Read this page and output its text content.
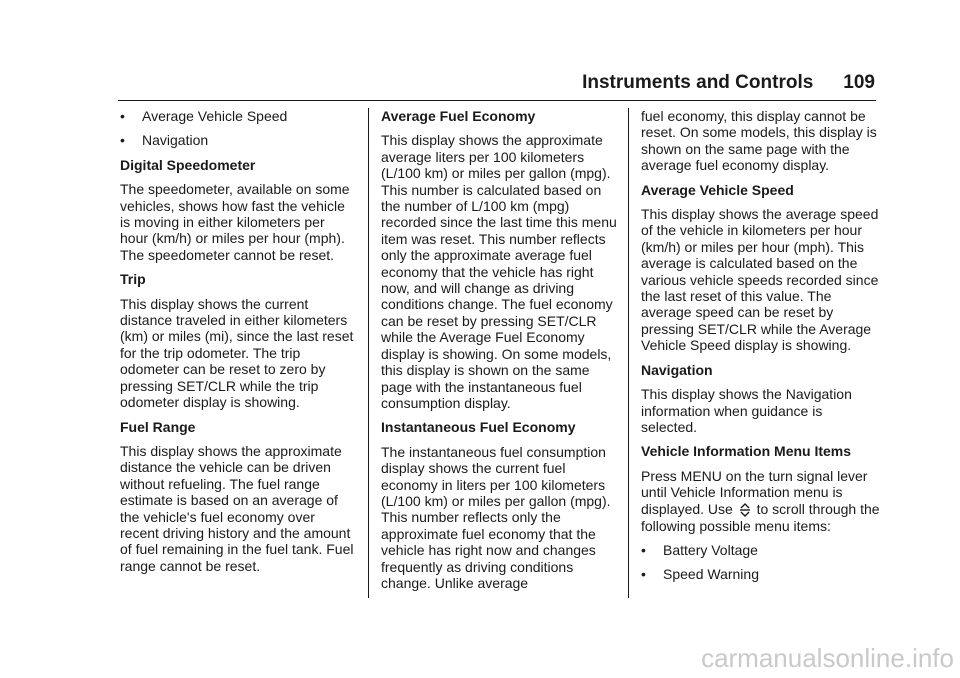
Instruments and Controls 109
•	Average Vehicle Speed
•	Navigation
Digital Speedometer

The speedometer, available on some vehicles, shows how fast the vehicle is moving in either kilometers per hour (km/h) or miles per hour (mph). The speedometer cannot be reset.

Trip

This display shows the current distance traveled in either kilometers (km) or miles (mi), since the last reset for the trip odometer. The trip odometer can be reset to zero by pressing SET/CLR while the trip odometer display is showing.

Fuel Range

This display shows the approximate distance the vehicle can be driven without refueling. The fuel range estimate is based on an average of the vehicle's fuel economy over recent driving history and the amount of fuel remaining in the fuel tank. Fuel range cannot be reset.

Average Fuel Economy

This display shows the approximate average liters per 100 kilometers (L/100 km) or miles per gallon (mpg). This number is calculated based on the number of L/100 km (mpg) recorded since the last time this menu item was reset. This number reflects only the approximate average fuel economy that the vehicle has right now, and will change as driving conditions change. The fuel economy can be reset by pressing SET/CLR while the Average Fuel Economy display is showing. On some models, this display is shown on the same page with the instantaneous fuel consumption display.

Instantaneous Fuel Economy

The instantaneous fuel consumption display shows the current fuel economy in liters per 100 kilometers (L/100 km) or miles per gallon (mpg). This number reflects only the approximate fuel economy that the vehicle has right now and changes frequently as driving conditions change. Unlike average

fuel economy, this display cannot be reset. On some models, this display is shown on the same page with the average fuel economy display.

Average Vehicle Speed

This display shows the average speed of the vehicle in kilometers per hour (km/h) or miles per hour (mph). This average is calculated based on the various vehicle speeds recorded since the last reset of this value. The average speed can be reset by pressing SET/CLR while the Average Vehicle Speed display is showing.

Navigation

This display shows the Navigation information when guidance is selected.

Vehicle Information Menu Items

Press MENU on the turn signal lever until Vehicle Information menu is displayed. Use to scroll through the following possible menu items:

•	Battery Voltage
•	Speed Warning
carmanualsonline.info
